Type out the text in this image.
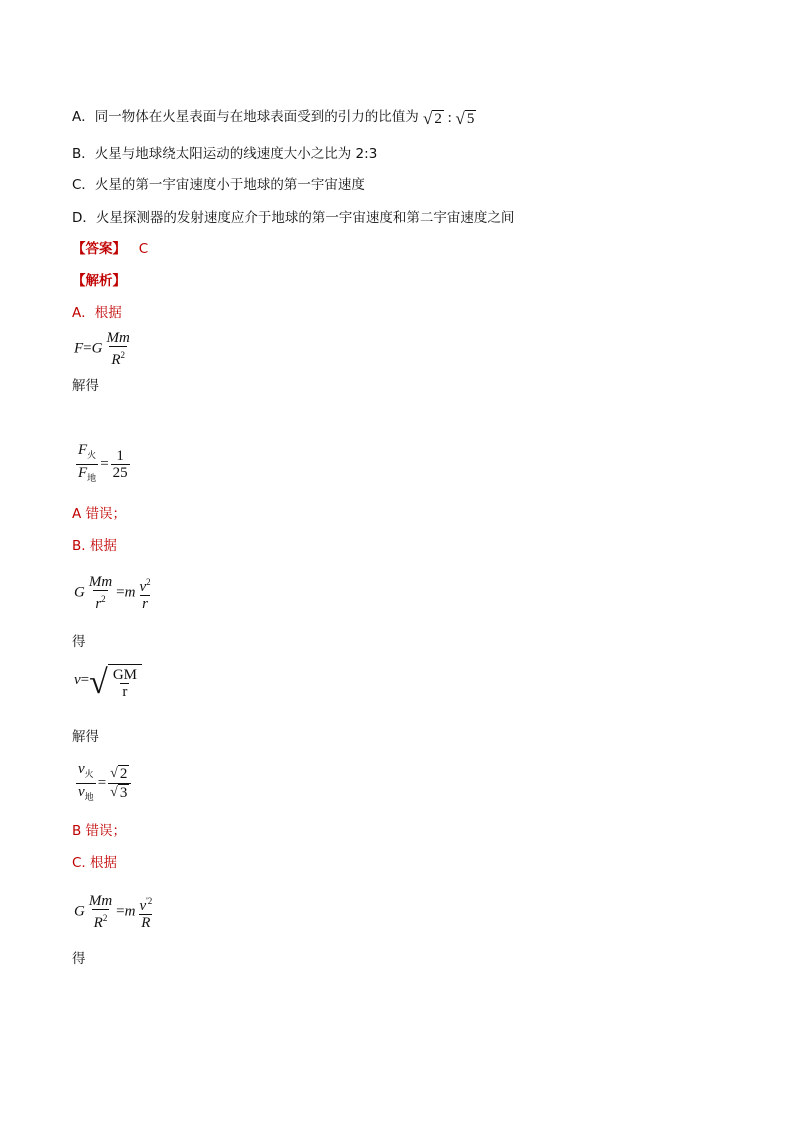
A．同一物体在火星表面与在地球表面受到的引力的比值为 √ 2 : √ 5
B．火星与地球绕太阳运动的线速度大小之比为 2:3
C．火星的第一宇宙速度小于地球的第一宇宙速度
D．火星探测器的发射速度应介于地球的第一宇宙速度和第二宇宙速度之间
【答案】 C
【解析】
A．根据
$F=G \frac{Mm}{R^2}$
解得
$\frac{F_火}{F_地} = \frac{1}{25}$
A 错误；
B. 根据
G $\frac{Mm}{r^2} =m \frac{v^2}{r}$
得
v= √ $\frac{GM}{r}$
解得
$\frac{v_火}{v_地} = \frac{√ 2}{√ 3}$
B 错误；
C. 根据
G $\frac{Mm}{R^2} =m \frac{v^{'2}}{R}$
得
